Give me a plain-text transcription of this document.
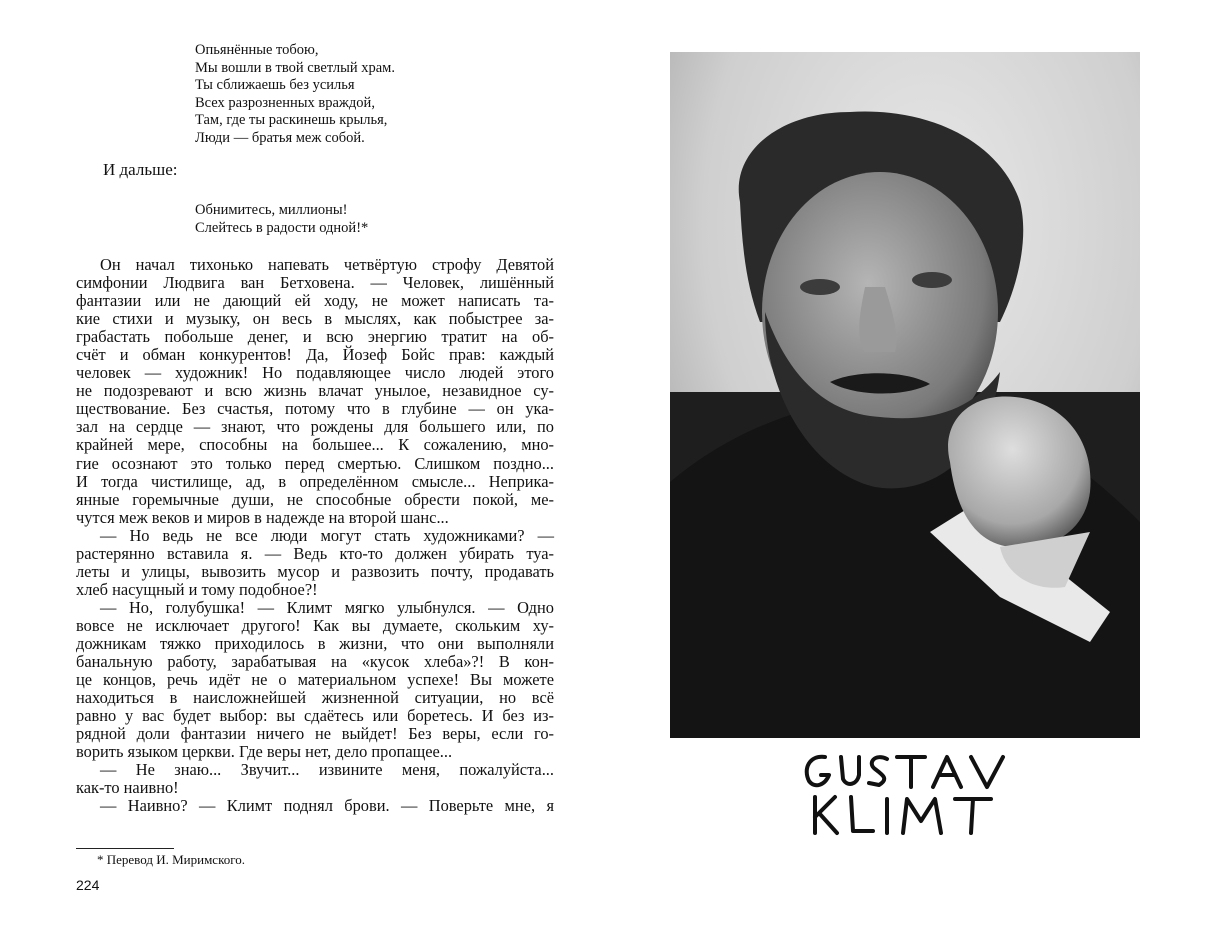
Опьянённые тобою,
Мы вошли в твой светлый храм.
Ты сближаешь без усилья
Всех разрозненных враждой,
Там, где ты раскинешь крылья,
Люди — братья меж собой.

И дальше:

Обнимитесь, миллионы!
Слейтесь в радости одной!*
Он начал тихонько напевать четвёртую строфу Девятой
симфонии Людвига ван Бетховена. — Человек, лишённый
фантазии или не дающий ей ходу, не может написать та-
кие стихи и музыку, он весь в мыслях, как побыстрее за-
грабастать побольше денег, и всю энергию тратит на об-
счёт и обман конкурентов! Да, Йозеф Бойс прав: каждый
человек — художник! Но подавляющее число людей этого
не подозревают и всю жизнь влачат унылое, незавидное су-
ществование. Без счастья, потому что в глубине — он ука-
зал на сердце — знают, что рождены для большего или, по
крайней мере, способны на большее... К сожалению, мно-
гие осознают это только перед смертью. Слишком поздно...
И тогда чистилище, ад, в определённом смысле... Неприка-
янные горемычные души, не способные обрести покой, ме-
чутся меж веков и миров в надежде на второй шанс...
— Но ведь не все люди могут стать художниками? —
растерянно вставила я. — Ведь кто-то должен убирать туа-
леты и улицы, вывозить мусор и развозить почту, продавать
хлеб насущный и тому подобное?!
— Но, голубушка! — Климт мягко улыбнулся. — Одно
вовсе не исключает другого! Как вы думаете, скольким ху-
дожникам тяжко приходилось в жизни, что они выполняли
банальную работу, зарабатывая на «кусок хлеба»?! В кон-
це концов, речь идёт не о материальном успехе! Вы можете
находиться в наисложнейшей жизненной ситуации, но всё
равно у вас будет выбор: вы сдаётесь или боретесь. И без из-
рядной доли фантазии ничего не выйдет! Без веры, если го-
ворить языком церкви. Где веры нет, дело пропащее...
— Не знаю... Звучит... извините меня, пожалуйста...
как-то наивно!
— Наивно? — Климт поднял брови. — Поверьте мне, я

* Перевод И. Миримского.

224
